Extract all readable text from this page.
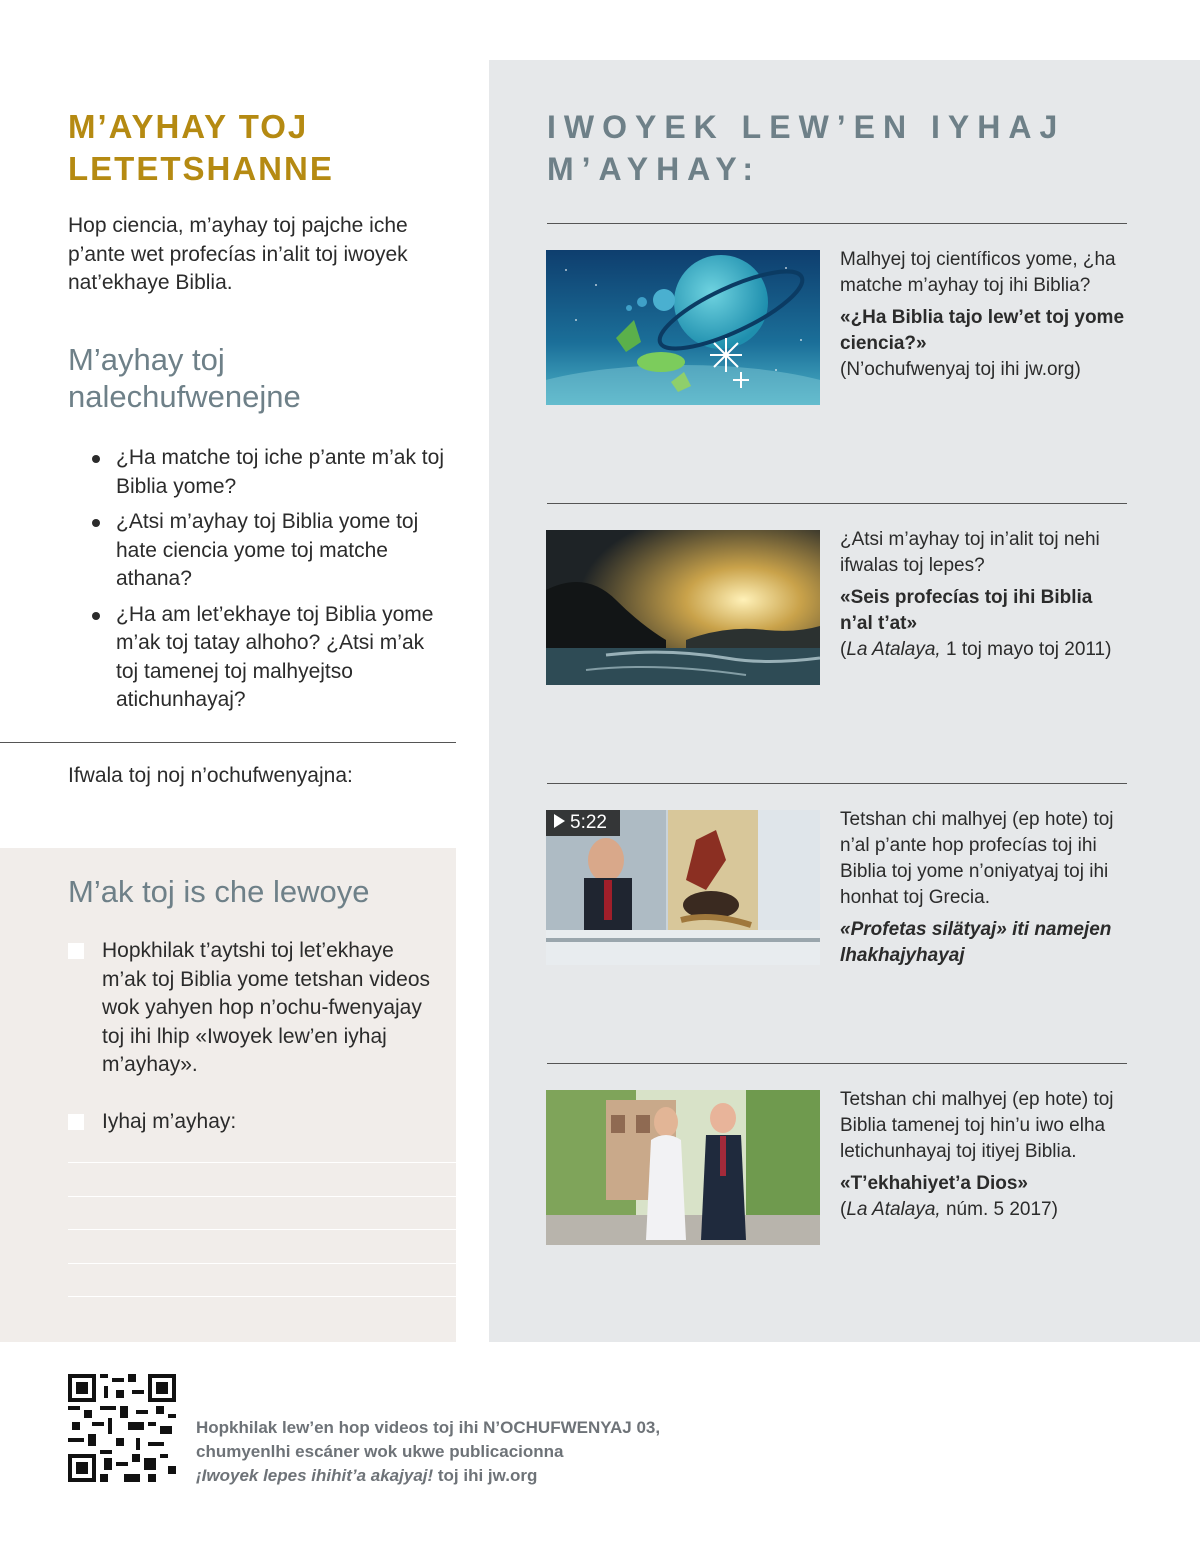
M’AYHAY TOJ LETETSHANNE

Hop ciencia, m’ayhay toj pajche iche p’ante wet profecías in’alit toj iwoyek nat’ekhaye Biblia.

M’ayhay toj nalechufwenejne
¿Ha matche toj iche p’ante m’ak toj Biblia yome?
¿Atsi m’ayhay toj Biblia yome toj hate ciencia yome toj matche athana?
¿Ha am let’ekhaye toj Biblia yome m’ak toj tatay alhoho? ¿Atsi m’ak toj tamenej toj malhyejtso atichunhayaj?
Ifwala toj noj n’ochufwenyajna:
M’ak toj is che lewoye
Hopkhilak t’aytshi toj let’ekhaye m’ak toj Biblia yome tetshan videos wok yahyen hop n’ochu-fwenyajay toj ihi lhip «Iwoyek lew’en iyhaj m’ayhay».
Iyhaj m’ayhay:
IWOYEK LEW’EN IYHAJ M’AYHAY:
Malhyej toj científicos yome, ¿ha matche m’ayhay toj ihi Biblia?
«¿Ha Biblia tajo lew’et toj yome ciencia?»
(N’ochufwenyaj toj ihi jw.org)
¿Atsi m’ayhay toj in’alit toj nehi ifwalas toj lepes?
«Seis profecías toj ihi Biblia n’al t’at»
(La Atalaya, 1 toj mayo toj 2011)
5:22	Tetshan chi malhyej (ep hote) toj n’al p’ante hop profecías toj ihi Biblia toj yome n’oniyatyaj toj ihi honhat toj Grecia.
«Profetas silätyaj» iti namejen lhakhajyhayaj
Tetshan chi malhyej (ep hote) toj Biblia tamenej toj hin’u iwo elha letichunhayaj toj itiyej Biblia.
«T’ekhahiyet’a Dios»
(La Atalaya, núm. 5 2017)
Hopkhilak lew’en hop videos toj ihi N’OCHUFWENYAJ 03,
chumyenlhi escáner wok ukwe publicacionna
¡Iwoyek lepes ihihit’a akajyaj! toj ihi jw.org
